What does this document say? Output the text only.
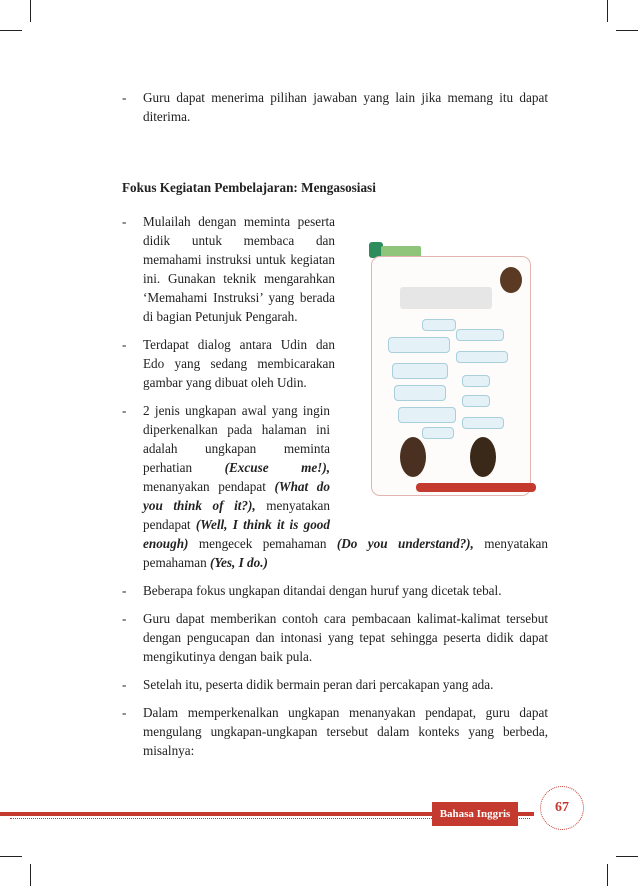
- Guru dapat menerima pilihan jawaban yang lain jika memang itu dapat diterima.
Fokus Kegiatan Pembelajaran: Mengasosiasi
- Mulailah dengan meminta peserta didik untuk membaca dan memahami instruksi untuk kegiatan ini. Gunakan teknik mengarahkan ‘Memahami Instruksi’ yang berada di bagian Petunjuk Pengarah.
- Terdapat dialog antara Udin dan Edo yang sedang membicarakan gambar yang dibuat oleh Udin.
- 2 jenis ungkapan awal yang ingin diperkenalkan pada halaman ini adalah ungkapan meminta perhatian (Excuse me!), menanyakan pendapat (What do you think of it?), menyatakan pendapat (Well, I think it is good enough) mengecek pemahaman (Do you understand?), menyatakan pemahaman (Yes, I do.)
- Beberapa fokus ungkapan ditandai dengan huruf yang dicetak tebal.
- Guru dapat memberikan contoh cara pembacaan kalimat-kalimat tersebut dengan pengucapan dan intonasi yang tepat sehingga peserta didik dapat mengikutinya dengan baik pula.
- Setelah itu, peserta didik bermain peran dari percakapan yang ada.
- Dalam memperkenalkan ungkapan menanyakan pendapat, guru dapat mengulang ungkapan-ungkapan tersebut dalam konteks yang berbeda, misalnya:
Bahasa Inggris	67
